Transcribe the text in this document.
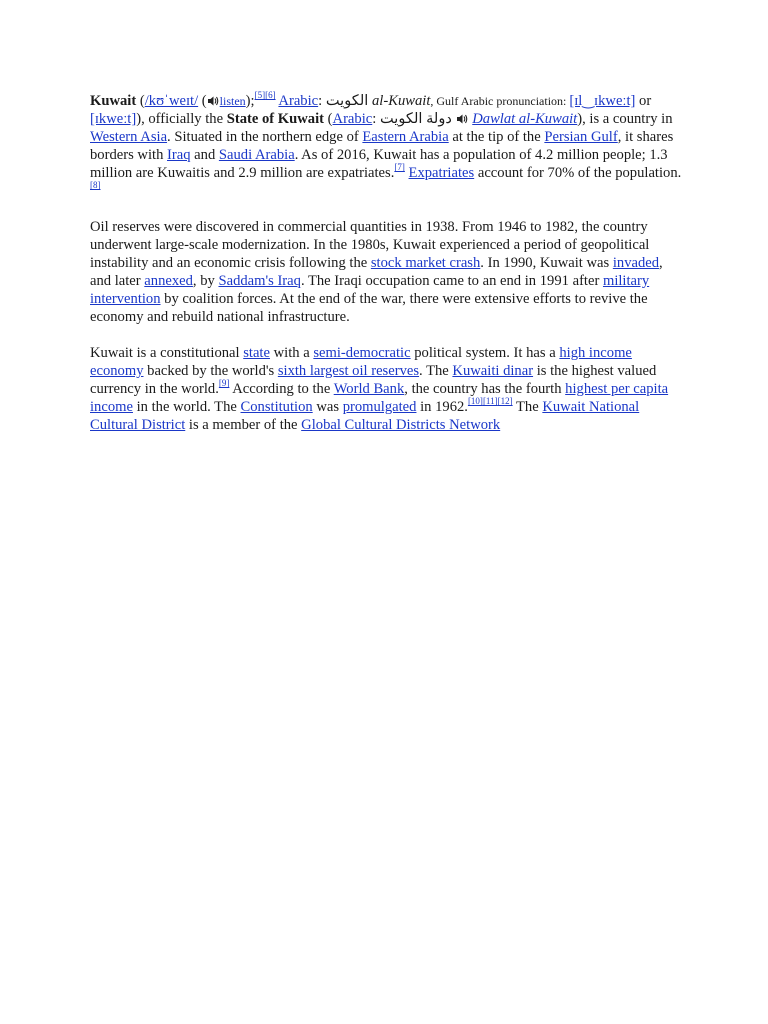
Kuwait (/kʊˈweɪt/ ( listen);[5][6] Arabic: الكويت al-Kuwait, Gulf Arabic pronunciation: [ɪl‿ɪkweːt] or [ɪkweːt]), officially the State of Kuwait (Arabic: دولة الكويت Dawlat al-Kuwait), is a country in Western Asia. Situated in the northern edge of Eastern Arabia at the tip of the Persian Gulf, it shares borders with Iraq and Saudi Arabia. As of 2016, Kuwait has a population of 4.2 million people; 1.3 million are Kuwaitis and 2.9 million are expatriates.[7] Expatriates account for 70% of the population.[8]

Oil reserves were discovered in commercial quantities in 1938. From 1946 to 1982, the country underwent large-scale modernization. In the 1980s, Kuwait experienced a period of geopolitical instability and an economic crisis following the stock market crash. In 1990, Kuwait was invaded, and later annexed, by Saddam's Iraq. The Iraqi occupation came to an end in 1991 after military intervention by coalition forces. At the end of the war, there were extensive efforts to revive the economy and rebuild national infrastructure.

Kuwait is a constitutional state with a semi-democratic political system. It has a high income economy backed by the world's sixth largest oil reserves. The Kuwaiti dinar is the highest valued currency in the world.[9] According to the World Bank, the country has the fourth highest per capita income in the world. The Constitution was promulgated in 1962.[10][11][12] The Kuwait National Cultural District is a member of the Global Cultural Districts Network
